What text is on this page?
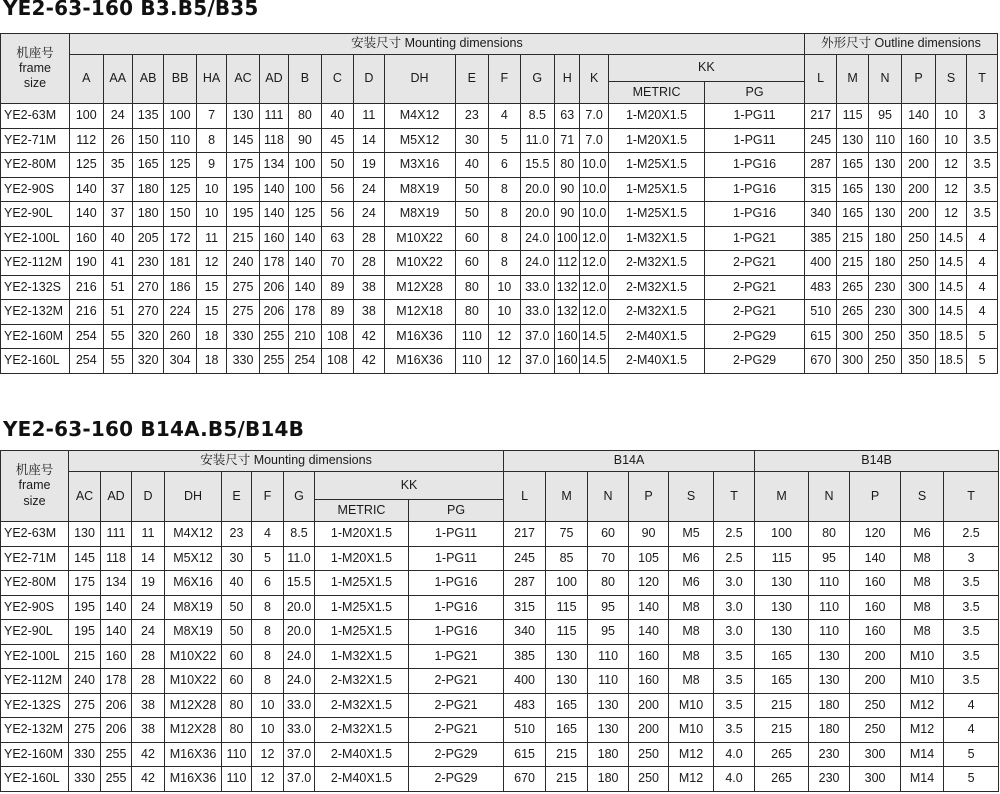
YE2-63-160 B3.B5/B35
机座号
frame
size	安装尺寸 Mounting dimensions																		外形尺寸 Outline dimensions					
	A	AA	AB	BB	HA	AC	AD	B	C	D	DH	E	F	G	H	K	KK		L	M	N	P	S	T
																	METRIC	PG						
YE2-63M	100	24	135	100	7	130	111	80	40	11	M4X12	23	4	8.5	63	7.0	1-M20X1.5	1-PG11	217	115	95	140	10	3
YE2-71M	112	26	150	110	8	145	118	90	45	14	M5X12	30	5	11.0	71	7.0	1-M20X1.5	1-PG11	245	130	110	160	10	3.5
YE2-80M	125	35	165	125	9	175	134	100	50	19	M3X16	40	6	15.5	80	10.0	1-M25X1.5	1-PG16	287	165	130	200	12	3.5
YE2-90S	140	37	180	125	10	195	140	100	56	24	M8X19	50	8	20.0	90	10.0	1-M25X1.5	1-PG16	315	165	130	200	12	3.5
YE2-90L	140	37	180	150	10	195	140	125	56	24	M8X19	50	8	20.0	90	10.0	1-M25X1.5	1-PG16	340	165	130	200	12	3.5
YE2-100L	160	40	205	172	11	215	160	140	63	28	M10X22	60	8	24.0	100	12.0	1-M32X1.5	1-PG21	385	215	180	250	14.5	4
YE2-112M	190	41	230	181	12	240	178	140	70	28	M10X22	60	8	24.0	112	12.0	2-M32X1.5	2-PG21	400	215	180	250	14.5	4
YE2-132S	216	51	270	186	15	275	206	140	89	38	M12X28	80	10	33.0	132	12.0	2-M32X1.5	2-PG21	483	265	230	300	14.5	4
YE2-132M	216	51	270	224	15	275	206	178	89	38	M12X18	80	10	33.0	132	12.0	2-M32X1.5	2-PG21	510	265	230	300	14.5	4
YE2-160M	254	55	320	260	18	330	255	210	108	42	M16X36	110	12	37.0	160	14.5	2-M40X1.5	2-PG29	615	300	250	350	18.5	5
YE2-160L	254	55	320	304	18	330	255	254	108	42	M16X36	110	12	37.0	160	14.5	2-M40X1.5	2-PG29	670	300	250	350	18.5	5
YE2-63-160 B14A.B5/B14B
机座号
frame
size	安装尺寸 Mounting dimensions									B14A						B14B				
	AC	AD	D	DH	E	F	G	KK		L	M	N	P	S	T	M	N	P	S	T
								METRIC	PG											
YE2-63M	130	111	11	M4X12	23	4	8.5	1-M20X1.5	1-PG11	217	75	60	90	M5	2.5	100	80	120	M6	2.5
YE2-71M	145	118	14	M5X12	30	5	11.0	1-M20X1.5	1-PG11	245	85	70	105	M6	2.5	115	95	140	M8	3
YE2-80M	175	134	19	M6X16	40	6	15.5	1-M25X1.5	1-PG16	287	100	80	120	M6	3.0	130	110	160	M8	3.5
YE2-90S	195	140	24	M8X19	50	8	20.0	1-M25X1.5	1-PG16	315	115	95	140	M8	3.0	130	110	160	M8	3.5
YE2-90L	195	140	24	M8X19	50	8	20.0	1-M25X1.5	1-PG16	340	115	95	140	M8	3.0	130	110	160	M8	3.5
YE2-100L	215	160	28	M10X22	60	8	24.0	1-M32X1.5	1-PG21	385	130	110	160	M8	3.5	165	130	200	M10	3.5
YE2-112M	240	178	28	M10X22	60	8	24.0	2-M32X1.5	2-PG21	400	130	110	160	M8	3.5	165	130	200	M10	3.5
YE2-132S	275	206	38	M12X28	80	10	33.0	2-M32X1.5	2-PG21	483	165	130	200	M10	3.5	215	180	250	M12	4
YE2-132M	275	206	38	M12X28	80	10	33.0	2-M32X1.5	2-PG21	510	165	130	200	M10	3.5	215	180	250	M12	4
YE2-160M	330	255	42	M16X36	110	12	37.0	2-M40X1.5	2-PG29	615	215	180	250	M12	4.0	265	230	300	M14	5
YE2-160L	330	255	42	M16X36	110	12	37.0	2-M40X1.5	2-PG29	670	215	180	250	M12	4.0	265	230	300	M14	5
